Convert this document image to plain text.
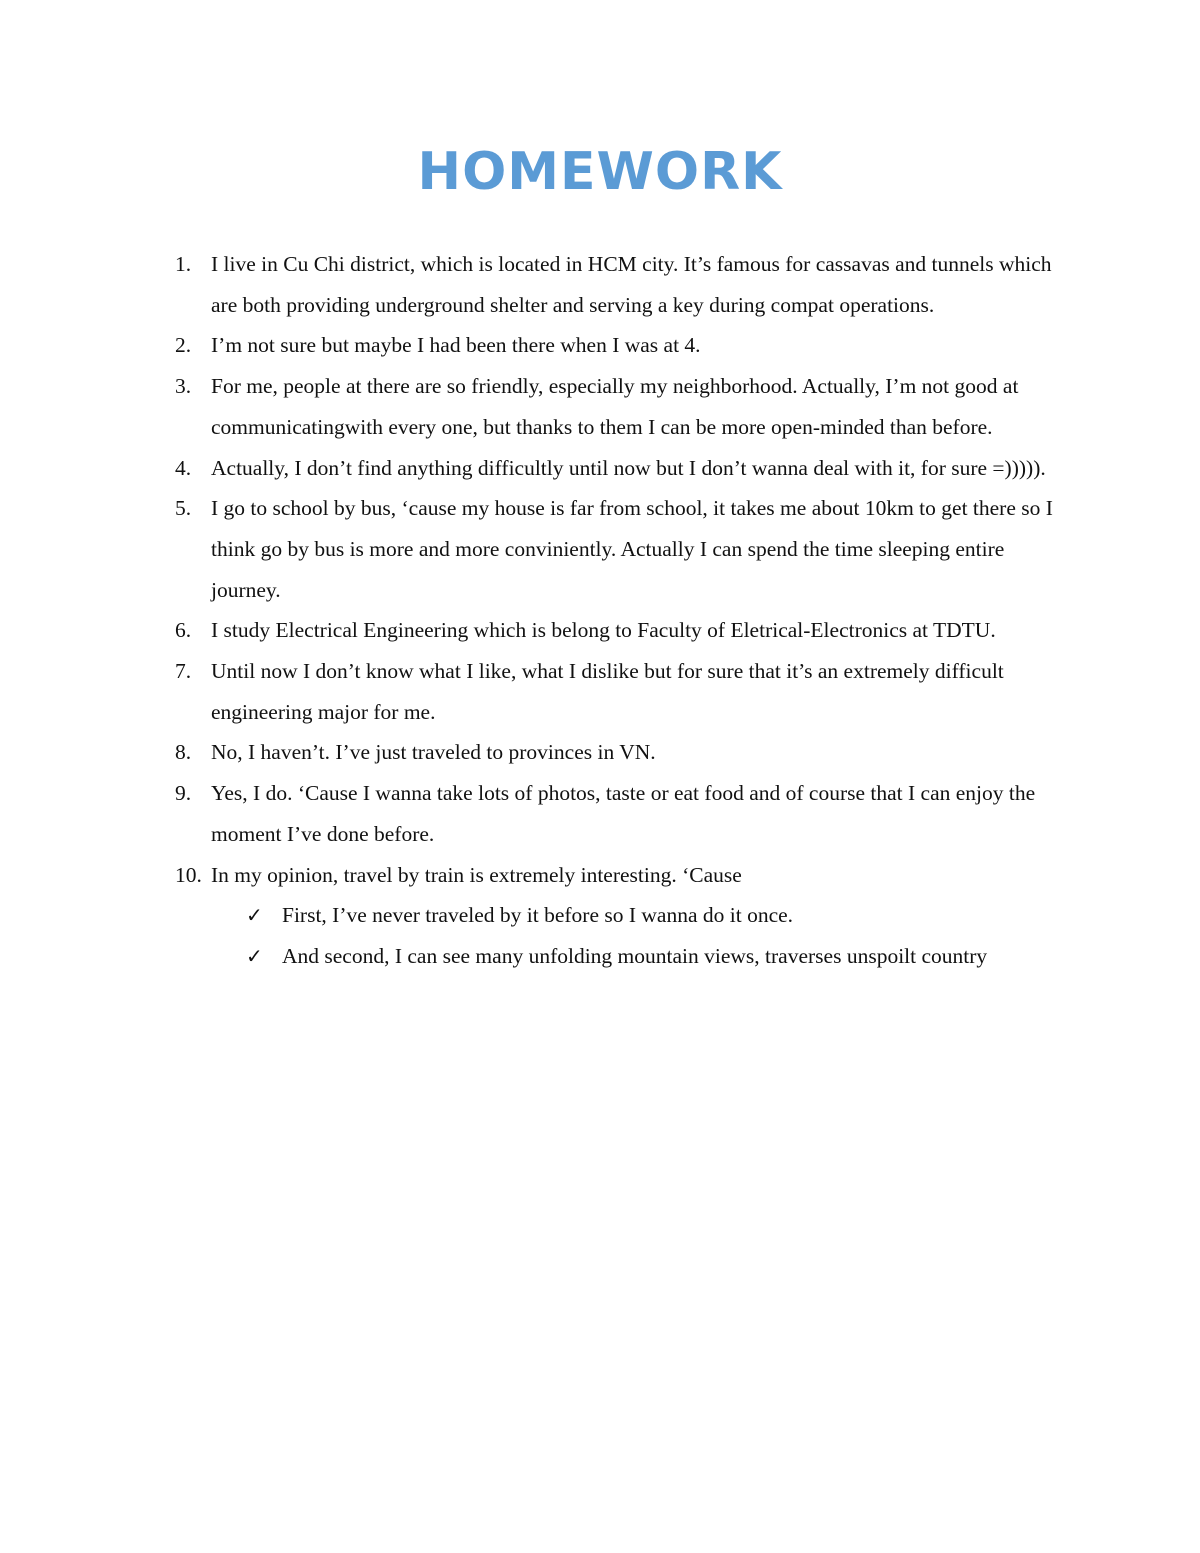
HOMEWORK
1. I live in Cu Chi district, which is located in HCM city. It’s famous for cassavas and tunnels which are both providing underground shelter and serving a key during compat operations.
2. I’m not sure but maybe I had been there when I was at 4.
3. For me, people at there are so friendly, especially my neighborhood. Actually, I’m not good at communicatingwith every one, but thanks to them I can be more open-minded than before.
4. Actually, I don’t find anything difficultly until now but I don’t wanna deal with it, for sure =))))).
5. I go to school by bus, ‘cause my house is far from school, it takes me about 10km to get there so I think go by bus is more and more conviniently. Actually I can spend the time sleeping entire journey.
6. I study Electrical Engineering which is belong to Faculty of Eletrical-Electronics at TDTU.
7. Until now I don’t know what I like, what I dislike but for sure that it’s an extremely difficult engineering major for me.
8. No, I haven’t. I’ve just traveled to provinces in VN.
9. Yes, I do. ‘Cause I wanna take lots of photos, taste or eat food and of course that I can enjoy the moment I’ve done before.
10. In my opinion, travel by train is extremely interesting. ‘Cause
✓ First, I’ve never traveled by it before so I wanna do it once.
✓ And second, I can see many unfolding mountain views, traverses unspoilt country
